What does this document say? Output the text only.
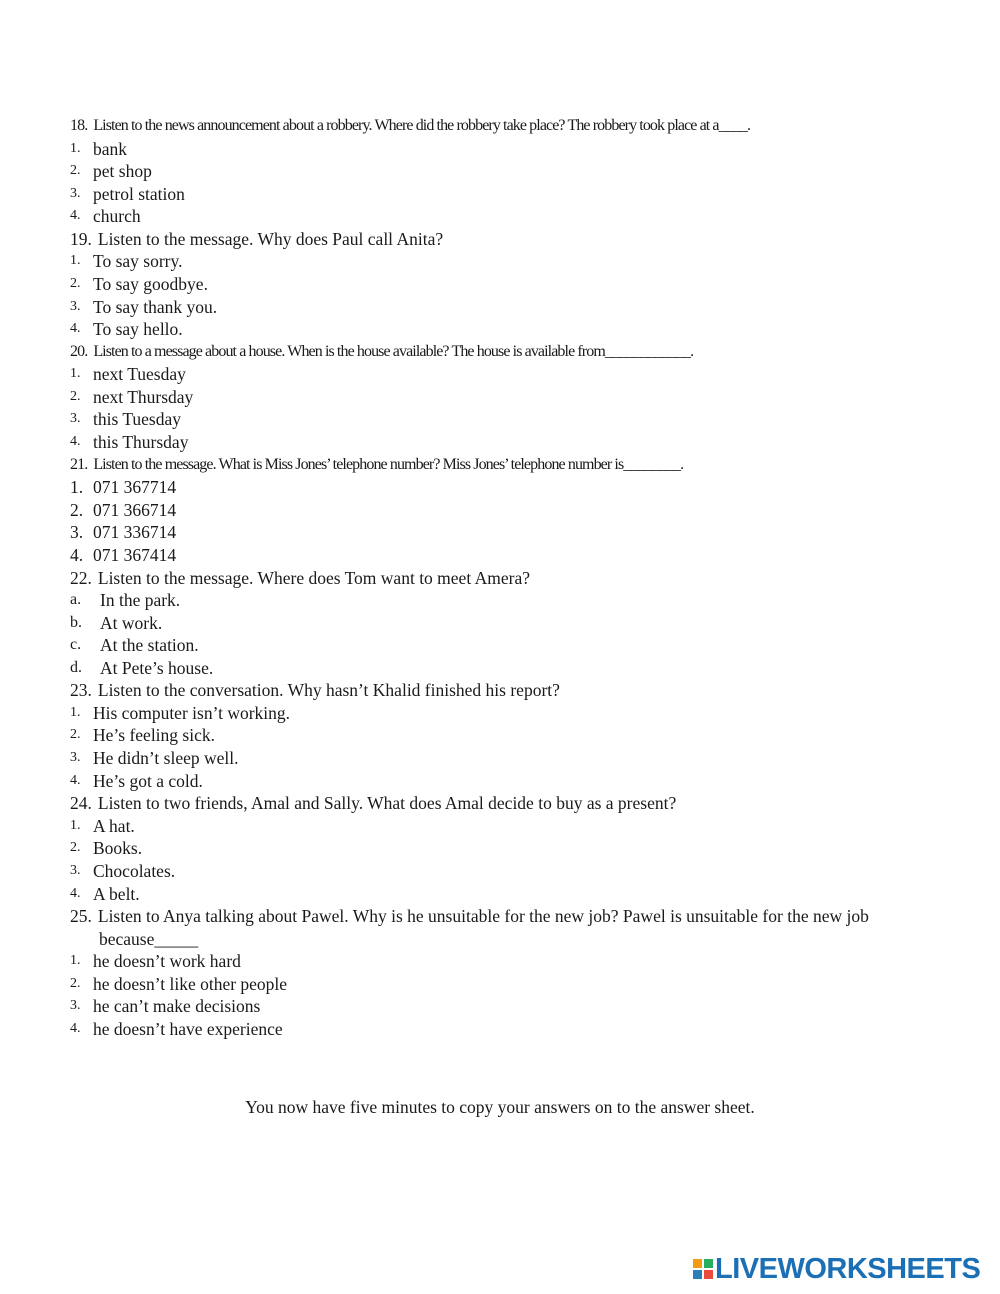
18. Listen to the news announcement about a robbery. Where did the robbery take place? The robbery took place at a____.
1. bank
2. pet shop
3. petrol station
4. church
19. Listen to the message. Why does Paul call Anita?
1. To say sorry.
2. To say goodbye.
3. To say thank you.
4. To say hello.
20. Listen to a message about a house. When is the house available? The house is available from____________.
1. next Tuesday
2. next Thursday
3. this Tuesday
4. this Thursday
21. Listen to the message. What is Miss Jones’ telephone number? Miss Jones’ telephone number is________.
1. 071 367714
2. 071 366714
3. 071 336714
4. 071 367414
22. Listen to the message. Where does Tom want to meet Amera?
a.	In the park.
b.	At work.
c.	At the station.
d.	At Pete’s house.
23. Listen to the conversation. Why hasn’t Khalid finished his report?
1. His computer isn’t working.
2. He’s feeling sick.
3. He didn’t sleep well.
4. He’s got a cold.
24. Listen to two friends, Amal and Sally. What does Amal decide to buy as a present?
1. A hat.
2. Books.
3. Chocolates.
4. A belt.
25. Listen to Anya talking about Pawel. Why is he unsuitable for the new job? Pawel is unsuitable for the new job because_____
1. he doesn’t work hard
2. he doesn’t like other people
3. he can’t make decisions
4. he doesn’t have experience
You now have five minutes to copy your answers on to the answer sheet.
LIVEWORKSHEETS
